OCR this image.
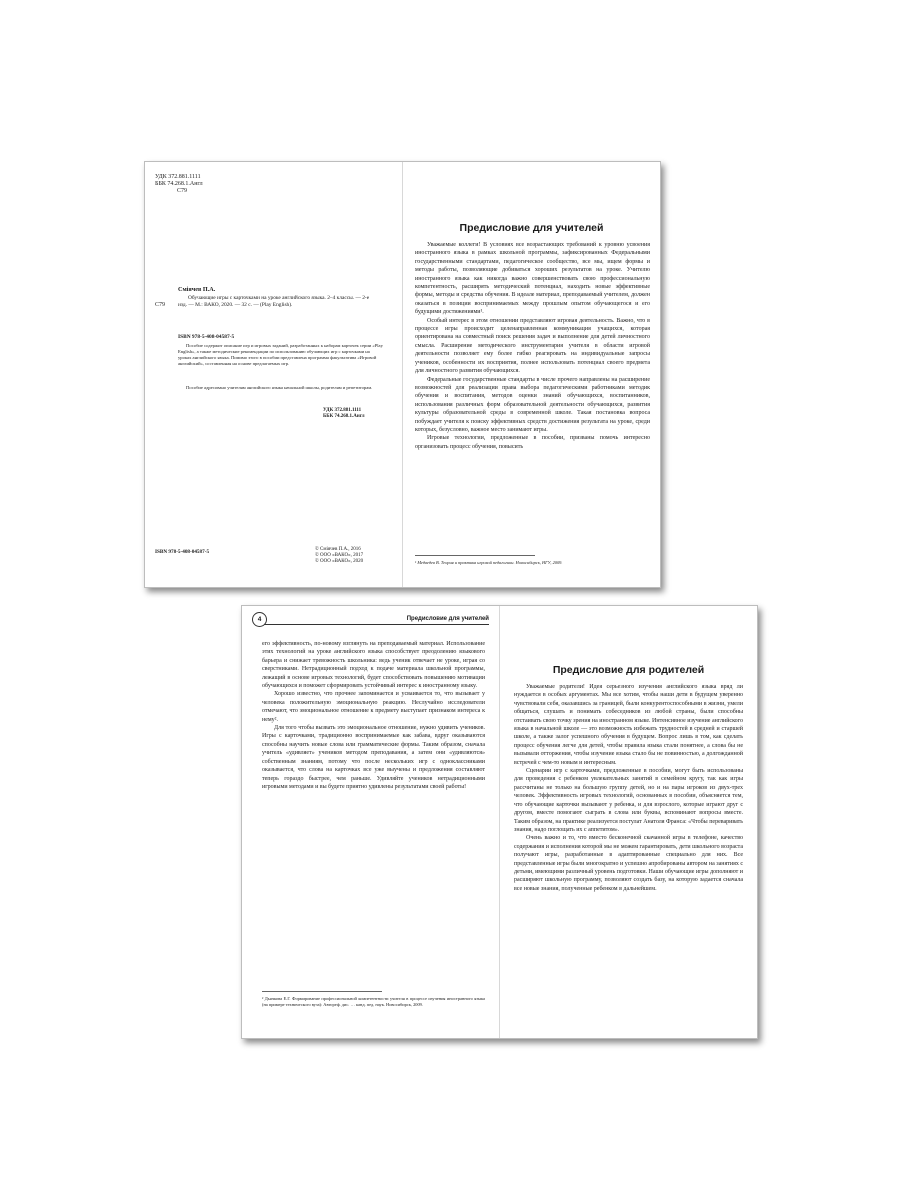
УДК 372.881.1111
ББК 74.268.1.Англ
С79
С79
Сміячев П.А.
Обучающие игры с карточками на уроке английского языка. 2–4 классы. — 2-е изд. — М.: ВАКО, 2020. — 32 с. — (Play English).
ISBN 978-5-408-04587-5
Пособие содержит описание игр и игровых заданий, разработанных к наборам карточек серии «Play English», а также методические рекомендации по использованию обучающих игр с карточками на уроках английского языка. Помимо этого в пособии представлена программа факультатива «Игровой английский», составленная на основе предлагаемых игр.
Пособие адресовано учителям английского языка начальной школы, родителям и репетиторам.
УДК 372.881.1111
ББК 74.268.1.Англ
ISBN 978-5-408-04587-5	© Сміячев П.А., 2016
© ООО «ВАКО», 2017
© ООО «ВАКО», 2020
Предисловие для учителей

Уважаемые коллеги! В условиях все возрастающих требований к уровню усвоения иностранного языка в рамках школьной программы, зафиксированных Федеральными государственными стандартами, педагогическое сообщество, все мы, ищем формы и методы работы, позволяющие добиваться хороших результатов на уроке. Учителю иностранного языка как никогда важно совершенствовать свою профессиональную компетентность, расширять методический потенциал, находить новые эффективные формы, методы и средства обучения. В идеале материал, преподаваемый учителем, должен оказаться в позиции воспринимаемых между прошлым опытом обучающегося и его будущими достижениями¹.

Особый интерес в этом отношении представляют игровая деятельность. Важно, что в процессе игры происходит целенаправленная коммуникация учащихся, которая ориентирована на совместный поиск решения задач и выполнение для детей личностного смысла. Расширение методического инструментария учителя в области игровой деятельности позволяет ему более гибко реагировать на индивидуальные запросы учеников, особенности их восприятия, полнее использовать потенциал своего предмета для личностного развития обучающихся.

Федеральные государственные стандарты в числе прочего направлены на расширение возможностей для реализации права выбора педагогическими работниками методик обучения и воспитания, методов оценки знаний обучающихся, воспитанников, использования различных форм образовательной деятельности обучающихся, развития культуры образовательной среды в современной школе. Такая постановка вопроса побуждает учителя к поиску эффективных средств достижения результата на уроке, среди которых, безусловно, важное место занимают игры.

Игровые технологии, предложенные в пособии, призваны помочь интересно организовать процесс обучения, повысить

¹ Медведев В. Теория и практика игровой педагогики. Новосибирск, НГУ, 2009.
4	Предисловие для учителей

его эффективность, по-новому взглянуть на преподаваемый материал. Использование этих технологий на уроке английского языка способствует преодолению языкового барьера и снижает тревожность школьника: ведь ученик отвечает не уроке, играя со сверстниками. Нетрадиционный подход к подаче материала школьной программы, лежащий в основе игровых технологий, будет способствовать повышению мотивации обучающихся и поможет сформировать устойчивый интерес к иностранному языку.

Хорошо известно, что прочнее запоминается и усваивается то, что вызывает у человека положительную эмоциональную реакцию. Неслучайно исследователи отмечают, что эмоциональное отношение к предмету выступает признаком интереса к нему².

Для того чтобы вызвать это эмоциональное отношение, нужно удивить учеников. Игры с карточками, традиционно воспринимаемые как забава, вдруг оказываются способны научить новые слова или грамматические формы. Таким образом, сначала учитель «удивляет» учеников методом преподавания, а затем они «удивляются» собственным знаниям, потому что после нескольких игр с одноклассниками оказывается, что слова на карточках все уже выучены и предложения составляют теперь гораздо быстрее, чем раньше. Удивляйте учеников нетрадиционными игровыми методами и вы будете приятно удивлены результатами своей работы!

² Дьячкова Е.Г. Формирование профессиональной компетентности учителя в процессе изучения иностранного языка (на примере технического вуза): Автореф. дис. … канд. пед. наук. Новосибирск, 2009.
Предисловие для родителей

Уважаемые родители! Идея серьезного изучения английского языка вряд ли нуждается в особых аргументах. Мы все хотим, чтобы наши дети в будущем уверенно чувствовали себя, оказавшись за границей, были конкурентоспособными в жизни, умели общаться, слушать и понимать собеседников из любой страны, были способны отстаивать свою точку зрения на иностранном языке. Интенсивное изучение английского языка в начальной школе — это возможность избежать трудностей в средней и старшей школе, а также залог успешного обучения в будущем. Вопрос лишь в том, как сделать процесс обучения легче для детей, чтобы правила языка стали понятнее, а слова бы не вызывали отторжения, чтобы изучение языка стало бы не повинностью, а долгожданной встречей с чем-то новым и интересным.

Сценарии игр с карточками, предложенные в пособии, могут быть использованы для проведения с ребенком увлекательных занятий в семейном кругу, так как игры рассчитаны не только на большую группу детей, но и на пары игроков из двух-трех человек. Эффективность игровых технологий, основанных в пособии, объясняется тем, что обучающие карточки вызывают у ребенка, и для взрослого, которые играют друг с другом, вместе помогают сыграть в слова или буквы, вспоминают вопросы вместе. Таким образом, на практике реализуется постулат Анатоля Франса: «Чтобы переваривать знания, надо поглощать их с аппетитом».

Очень важно и то, что вместо бесконечной скачанной игры в телефоне, качество содержания и исполнения которой мы не можем гарантировать, дети школьного возраста получают игры, разработанные в адаптированные специально для них. Все представленные игры были многократно и успешно апробированы автором на занятиях с детьми, имеющими различный уровень подготовки. Наши обучающие игры дополняют и расширяют школьную программу, позволяют создать базу, на которую задается сначала все новые знания, полученные ребенком в дальнейшем.
